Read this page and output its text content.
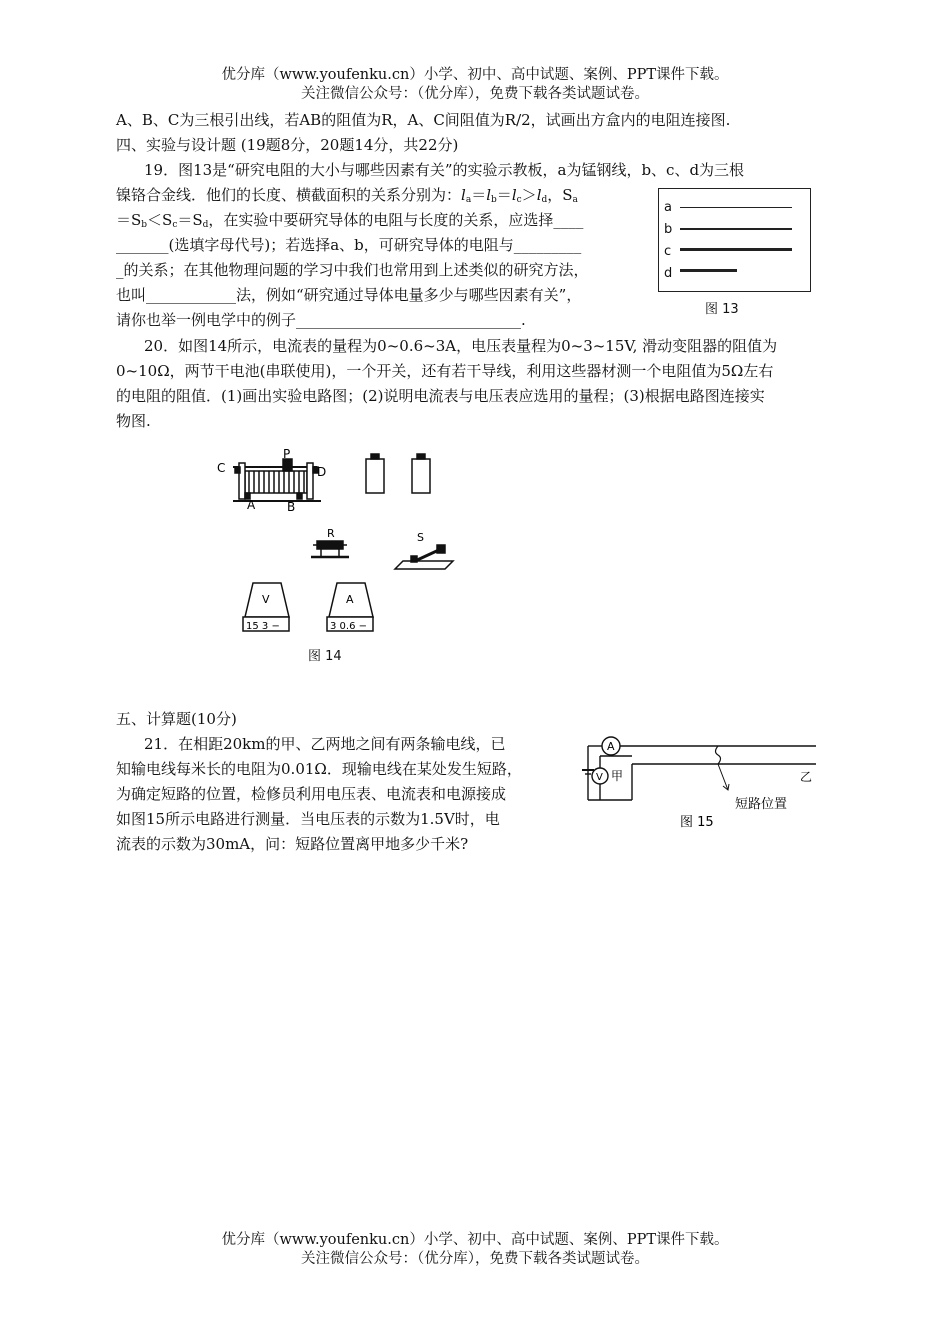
优分库（www.youfenku.cn）小学、初中、高中试题、案例、PPT课件下载。
关注微信公众号：（优分库），免费下载各类试题试卷。
A、B、C为三根引出线，若AB的阻值为R，A、C间阻值为R/2，试画出方盒内的电阻连接图.
四、实验与设计题 (19题8分，20题14分，共22分)
19．图13是“研究电阻的大小与哪些因素有关”的实验示教板，a为锰钢线，b、c、d为三根
镍铬合金线．他们的长度、横截面积的关系分别为：$l_a=l_b=l_c>l_d$，$S_a$
$=S_b<S_c=S_d$，在实验中要研究导体的电阻与长度的关系，应选择____
_______(选填字母代号)；若选择a、b，可研究导体的电阻与_________
_的关系；在其他物理问题的学习中我们也常用到上述类似的研究方法，
也叫____________法，例如“研究通过导体电量多少与哪些因素有关”，
请你也举一例电学中的例子______________________________.
a
b
c
d
图 13
20．如图14所示，电流表的量程为0~0.6~3A，电压表量程为0~3~15V, 滑动变阻器的阻值为
0~10Ω，两节干电池(串联使用)，一个开关，还有若干导线，利用这些器材测一个电阻值为5Ω左右
的电阻的阻值．(1)画出实验电路图；(2)说明电流表与电压表应选用的量程；(3)根据电路图连接实
物图.
C
P
D
A	B
R	S
V
15 3 −
A
3 0.6 −
图 14
五、计算题(10分)
21．在相距20km的甲、乙两地之间有两条输电线，已
知输电线每米长的电阻为0.01Ω．现输电线在某处发生短路，
为确定短路的位置，检修员利用电压表、电流表和电源接成
如图15所示电路进行测量．当电压表的示数为1.5V时，电
流表的示数为30mA，问：短路位置离甲地多少千米?
A
V 甲	乙
短路位置
图 15
优分库（www.youfenku.cn）小学、初中、高中试题、案例、PPT课件下载。
关注微信公众号：（优分库），免费下载各类试题试卷。
